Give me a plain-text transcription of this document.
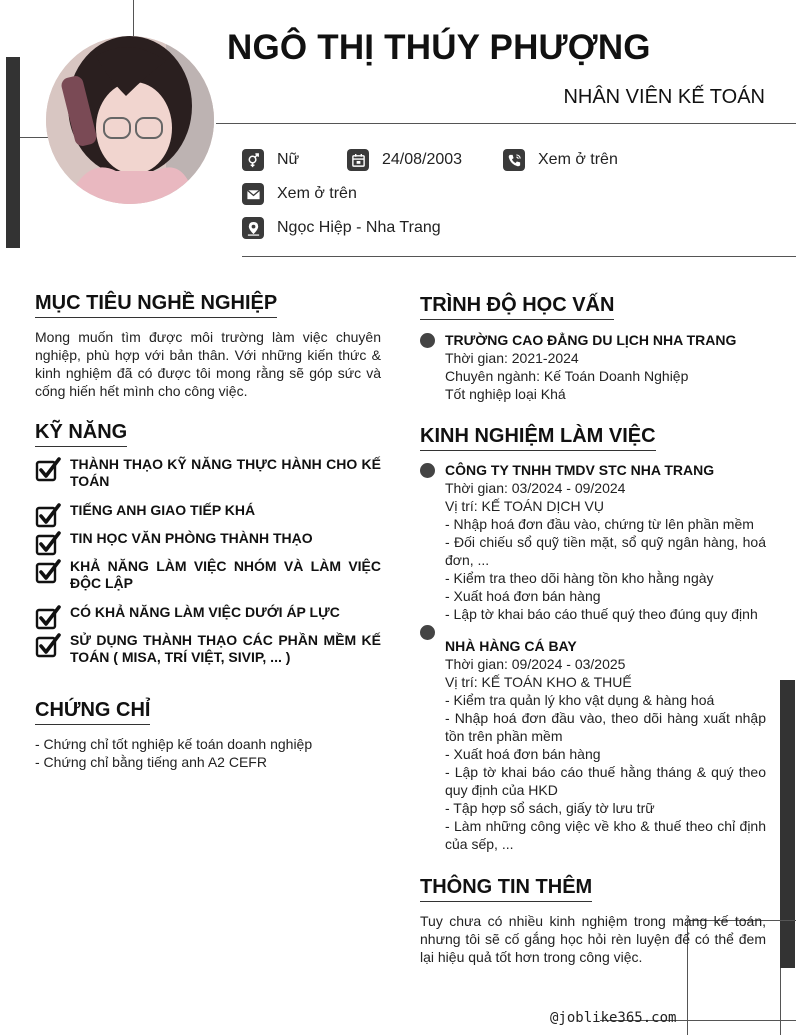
NGÔ THỊ THÚY PHƯỢNG
NHÂN VIÊN KẾ TOÁN
Nữ	24/08/2003	Xem ở trên
Xem ở trên
Ngọc Hiệp - Nha Trang
MỤC TIÊU NGHỀ NGHIỆP
Mong muốn tìm được môi trường làm việc chuyên nghiệp, phù hợp với bản thân. Với những kiến thức & kinh nghiệm đã có được tôi mong rằng sẽ góp sức và cống hiến hết mình cho công việc.
KỸ NĂNG
THÀNH THẠO KỸ NĂNG THỰC HÀNH CHO KẾ TOÁN
TIẾNG ANH GIAO TIẾP KHÁ
TIN HỌC VĂN PHÒNG THÀNH THẠO
KHẢ NĂNG LÀM VIỆC NHÓM VÀ LÀM VIỆC ĐỘC LẬP
CÓ KHẢ NĂNG LÀM VIỆC DƯỚI ÁP LỰC
SỬ DỤNG THÀNH THẠO CÁC PHẦN MỀM KẾ TOÁN ( MISA, TRÍ VIỆT, SIVIP, ... )
CHỨNG CHỈ
- Chứng chỉ tốt nghiệp kế toán doanh nghiệp
- Chứng chỉ bằng tiếng anh A2 CEFR
TRÌNH ĐỘ HỌC VẤN
TRƯỜNG CAO ĐẲNG DU LỊCH NHA TRANG
Thời gian: 2021-2024
Chuyên ngành: Kế Toán Doanh Nghiệp
Tốt nghiệp loại Khá
KINH NGHIỆM LÀM VIỆC
CÔNG TY TNHH TMDV STC NHA TRANG
Thời gian: 03/2024 - 09/2024
Vị trí: KẾ TOÁN DỊCH VỤ
- Nhập hoá đơn đầu vào, chứng từ lên phần mềm
- Đối chiếu sổ quỹ tiền mặt, sổ quỹ ngân hàng, hoá đơn, ...
- Kiểm tra theo dõi hàng tồn kho hằng ngày
- Xuất hoá đơn bán hàng
- Lập tờ khai báo cáo thuế quý theo đúng quy định
NHÀ HÀNG CÁ BAY
Thời gian: 09/2024 - 03/2025
Vị trí: KẾ TOÁN KHO & THUẾ
- Kiểm tra quản lý kho vật dụng & hàng hoá
- Nhập hoá đơn đầu vào, theo dõi hàng xuất nhập tồn trên phần mềm
- Xuất hoá đơn bán hàng
- Lập tờ khai báo cáo thuế hằng tháng & quý theo quy định của HKD
- Tập hợp sổ sách, giấy tờ lưu trữ
- Làm những công việc về kho & thuế theo chỉ định của sếp, ...
THÔNG TIN THÊM
Tuy chưa có nhiều kinh nghiệm trong mảng kế toán, nhưng tôi sẽ cố gắng học hỏi rèn luyện để có thể đem lại hiệu quả tốt hơn trong công việc.
@joblike365.com
